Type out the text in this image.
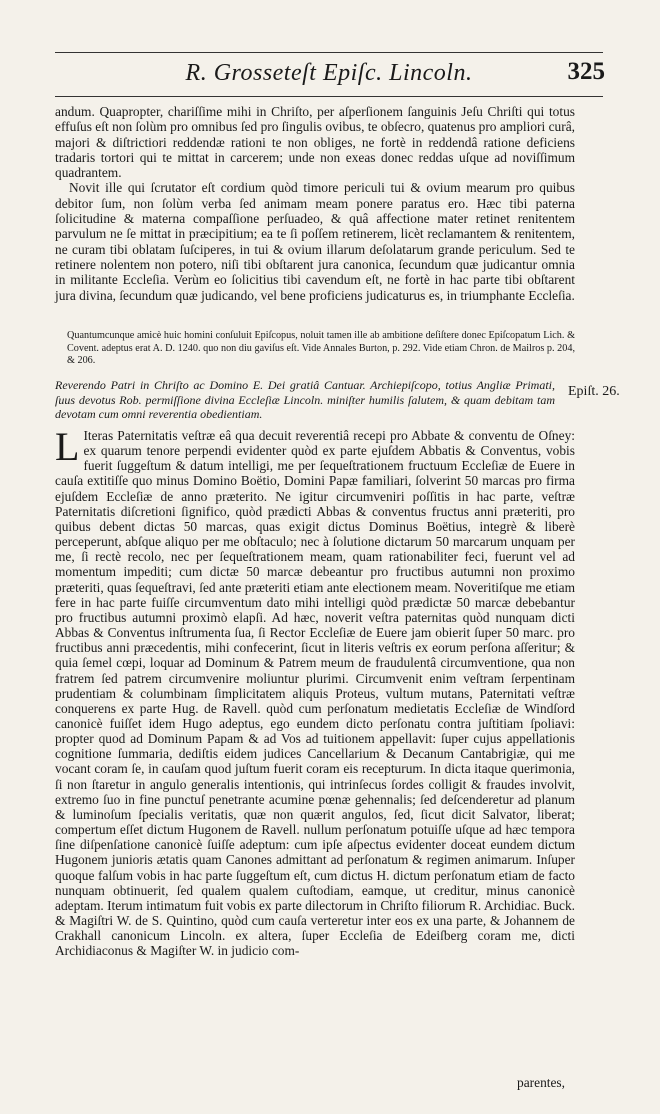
R. Grosseteſt Epiſc. Lincoln.	325

andum. Quapropter, chariſſime mihi in Chriſto, per aſperſionem ſanguinis Jeſu Chriſti qui totus effuſus eſt non ſolùm pro omnibus ſed pro ſingulis ovibus, te obſecro, quatenus pro ampliori curâ, majori & diſtrictiori reddendæ rationi te non obliges, ne fortè in reddendâ ratione deficiens tradaris tortori qui te mittat in carcerem; unde non exeas donec reddas uſque ad noviſſimum quadrantem.

Novit ille qui ſcrutator eſt cordium quòd timore periculi tui & ovium mearum pro quibus debitor ſum, non ſolùm verba ſed animam meam ponere paratus ero. Hæc tibi paterna ſolicitudine & materna compaſſione perſuadeo, & quâ affectione mater retinet renitentem parvulum ne ſe mittat in præcipitium; ea te ſi poſſem retinerem, licèt reclamantem & renitentem, ne curam tibi oblatam ſuſciperes, in tui & ovium illarum deſolatarum grande periculum. Sed te retinere nolentem non potero, niſi tibi obſtarent jura canonica, ſecundum quæ judicantur omnia in militante Eccleſia. Verùm eo ſolicitius tibi cavendum eſt, ne fortè in hac parte tibi obſtarent jura divina, ſecundum quæ judicando, vel bene proficiens judicaturus es, in triumphante Eccleſia.

Quantumcunque amicè huic homini conſuluit Epiſcopus, noluit tamen ille ab ambitione deſiſtere donec Epiſcopatum Lich. & Covent. adeptus erat A. D. 1240. quo non diu gaviſus eſt. Vide Annales Burton, p. 292. Vide etiam Chron. de Mailros p. 204, & 206.
Reverendo Patri in Chriſto ac Domino E. Dei gratiâ Cantuar. Archiepiſcopo, totius Angliæ Primati, ſuus devotus Rob. permiſſione divina Eccleſiæ Lincoln. miniſter humilis ſalutem, & quam debitam tam devotam cum omni reverentia obedientiam.
Epiſt. 26.
L Iteras Paternitatis veſtræ eâ qua decuit reverentiâ recepi pro Abbate & conventu de Oſney: ex quarum tenore perpendi evidenter quòd ex parte ejuſdem Abbatis & Conventus, vobis fuerit ſuggeſtum & datum intelligi, me per ſequeſtrationem fructuum Eccleſiæ de Euere in cauſa extitiſſe quo minus Domino Boëtio, Domini Papæ familiari, ſolverint 50 marcas pro firma ejuſdem Eccleſiæ de anno præterito. Ne igitur circumveniri poſſitis in hac parte, veſtræ Paternitatis diſcretioni ſignifico, quòd prædicti Abbas & conventus fructus anni præteriti, pro quibus debent dictas 50 marcas, quas exigit dictus Dominus Boëtius, integrè & liberè perceperunt, abſque aliquo per me obſtaculo; nec à ſolutione dictarum 50 marcarum unquam per me, ſi rectè recolo, nec per ſequeſtrationem meam, quam rationabiliter feci, fuerunt vel ad momentum impediti; cum dictæ 50 marcæ debeantur pro fructibus autumni non proximo præteriti, quas ſequeſtravi, ſed ante præteriti etiam ante electionem meam. Noveritiſque me etiam fere in hac parte fuiſſe circumventum dato mihi intelligi quòd prædictæ 50 marcæ debebantur pro fructibus autumni proximò elapſi. Ad hæc, noverit veſtra paternitas quòd nunquam dicti Abbas & Conventus inſtrumenta ſua, ſi Rector Eccleſiæ de Euere jam obierit ſuper 50 marc. pro fructibus anni præcedentis, mihi confecerint, ſicut in literis veſtris ex eorum perſona aſſeritur; & quia ſemel cœpi, loquar ad Dominum & Patrem meum de fraudulentâ circumventione, qua non fratrem ſed patrem circumvenire moliuntur plurimi. Circumvenit enim veſtram ſerpentinam prudentiam & columbinam ſimplicitatem aliquis Proteus, vultum mutans, Paternitati veſtræ conquerens ex parte Hug. de Ravell. quòd cum perſonatum medietatis Eccleſiæ de Windſord canonicè fuiſſet idem Hugo adeptus, ego eundem dicto perſonatu contra juſtitiam ſpoliavi: propter quod ad Dominum Papam & ad Vos ad tuitionem appellavit: ſuper cujus appellationis cognitione ſummaria, dediſtis eidem judices Cancellarium & Decanum Cantabrigiæ, qui me vocant coram ſe, in cauſam quod juſtum fuerit coram eis recepturum. In dicta itaque querimonia, ſi non ſtaretur in angulo generalis intentionis, qui intrinſecus ſordes colligit & fraudes involvit, extremo ſuo in fine punctuſ penetrante acumine pœnæ gehennalis; ſed deſcenderetur ad planum & luminoſum ſpecialis veritatis, quæ non quærit angulos, ſed, ſicut dicit Salvator, liberat; compertum eſſet dictum Hugonem de Ravell. nullum perſonatum potuiſſe uſque ad hæc tempora ſine diſpenſatione canonicè ſuiſſe adeptum: cum ipſe aſpectus evidenter doceat eundem dictum Hugonem junioris ætatis quam Canones admittant ad perſonatum & regimen animarum. Inſuper quoque falſum vobis in hac parte ſuggeſtum eſt, cum dictus H. dictum perſonatum etiam de facto nunquam obtinuerit, ſed qualem qualem cuſtodiam, eamque, ut creditur, minus canonicè adeptam. Iterum intimatum fuit vobis ex parte dilectorum in Chriſto filiorum R. Archidiac. Buck. & Magiſtri W. de S. Quintino, quòd cum cauſa verteretur inter eos ex una parte, & Johannem de Crakhall canonicum Lincoln. ex altera, ſuper Eccleſia de Edeiſberg coram me, dicti Archidiaconus & Magiſter W. in judicio com-
parentes,
